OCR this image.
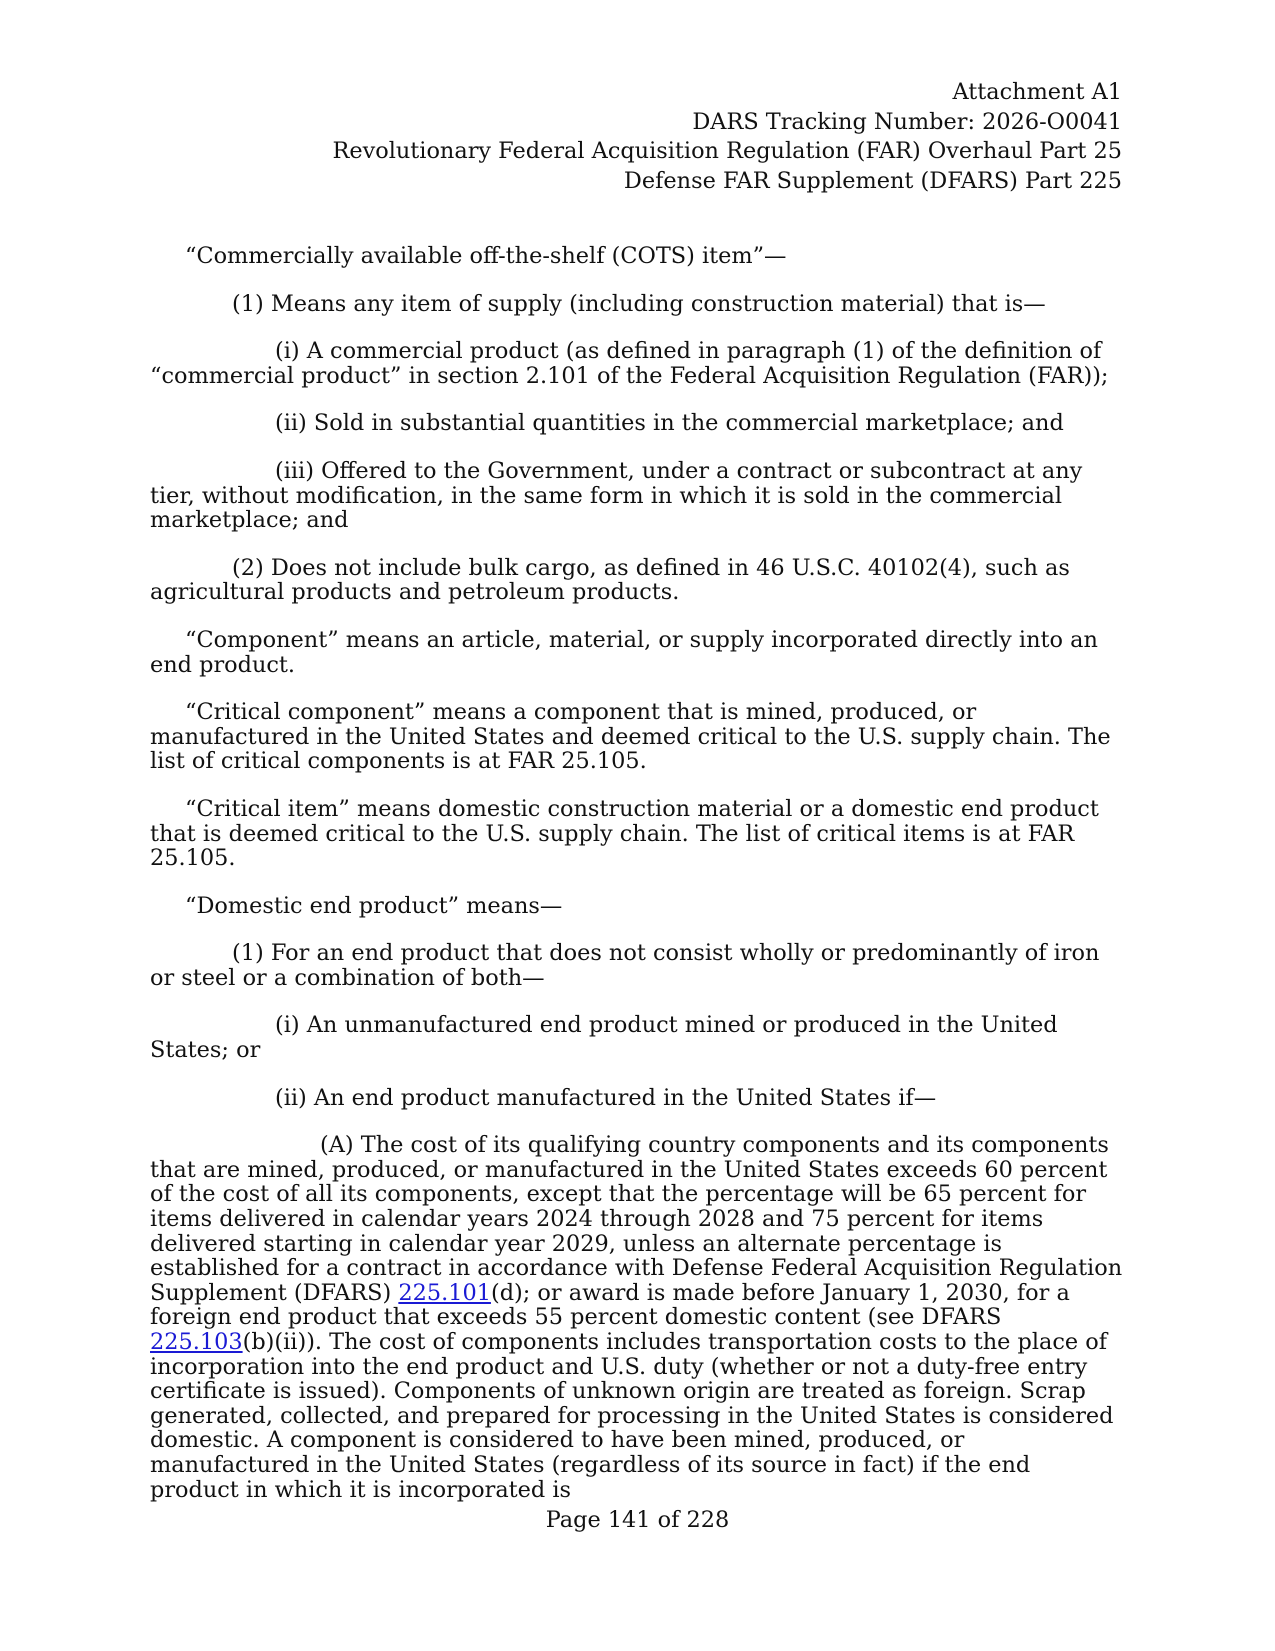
Attachment A1
DARS Tracking Number: 2026-O0041
Revolutionary Federal Acquisition Regulation (FAR) Overhaul Part 25
Defense FAR Supplement (DFARS) Part 225

“Commercially available off-the-shelf (COTS) item”—

(1) Means any item of supply (including construction material) that is—

(i) A commercial product (as defined in paragraph (1) of the definition of “commercial product” in section 2.101 of the Federal Acquisition Regulation (FAR));

(ii) Sold in substantial quantities in the commercial marketplace; and

(iii) Offered to the Government, under a contract or subcontract at any tier, without modification, in the same form in which it is sold in the commercial marketplace; and

(2) Does not include bulk cargo, as defined in 46 U.S.C. 40102(4), such as agricultural products and petroleum products.

“Component” means an article, material, or supply incorporated directly into an end product.

“Critical component” means a component that is mined, produced, or manufactured in the United States and deemed critical to the U.S. supply chain. The list of critical components is at FAR 25.105.

“Critical item” means domestic construction material or a domestic end product that is deemed critical to the U.S. supply chain. The list of critical items is at FAR 25.105.

“Domestic end product” means—

(1) For an end product that does not consist wholly or predominantly of iron or steel or a combination of both—

(i) An unmanufactured end product mined or produced in the United States; or

(ii) An end product manufactured in the United States if—

(A) The cost of its qualifying country components and its components that are mined, produced, or manufactured in the United States exceeds 60 percent of the cost of all its components, except that the percentage will be 65 percent for items delivered in calendar years 2024 through 2028 and 75 percent for items delivered starting in calendar year 2029, unless an alternate percentage is established for a contract in accordance with Defense Federal Acquisition Regulation Supplement (DFARS) 225.101(d); or award is made before January 1, 2030, for a foreign end product that exceeds 55 percent domestic content (see DFARS 225.103(b)(ii)). The cost of components includes transportation costs to the place of incorporation into the end product and U.S. duty (whether or not a duty-free entry certificate is issued). Components of unknown origin are treated as foreign. Scrap generated, collected, and prepared for processing in the United States is considered domestic. A component is considered to have been mined, produced, or manufactured in the United States (regardless of its source in fact) if the end product in which it is incorporated is

Page 141 of 228
